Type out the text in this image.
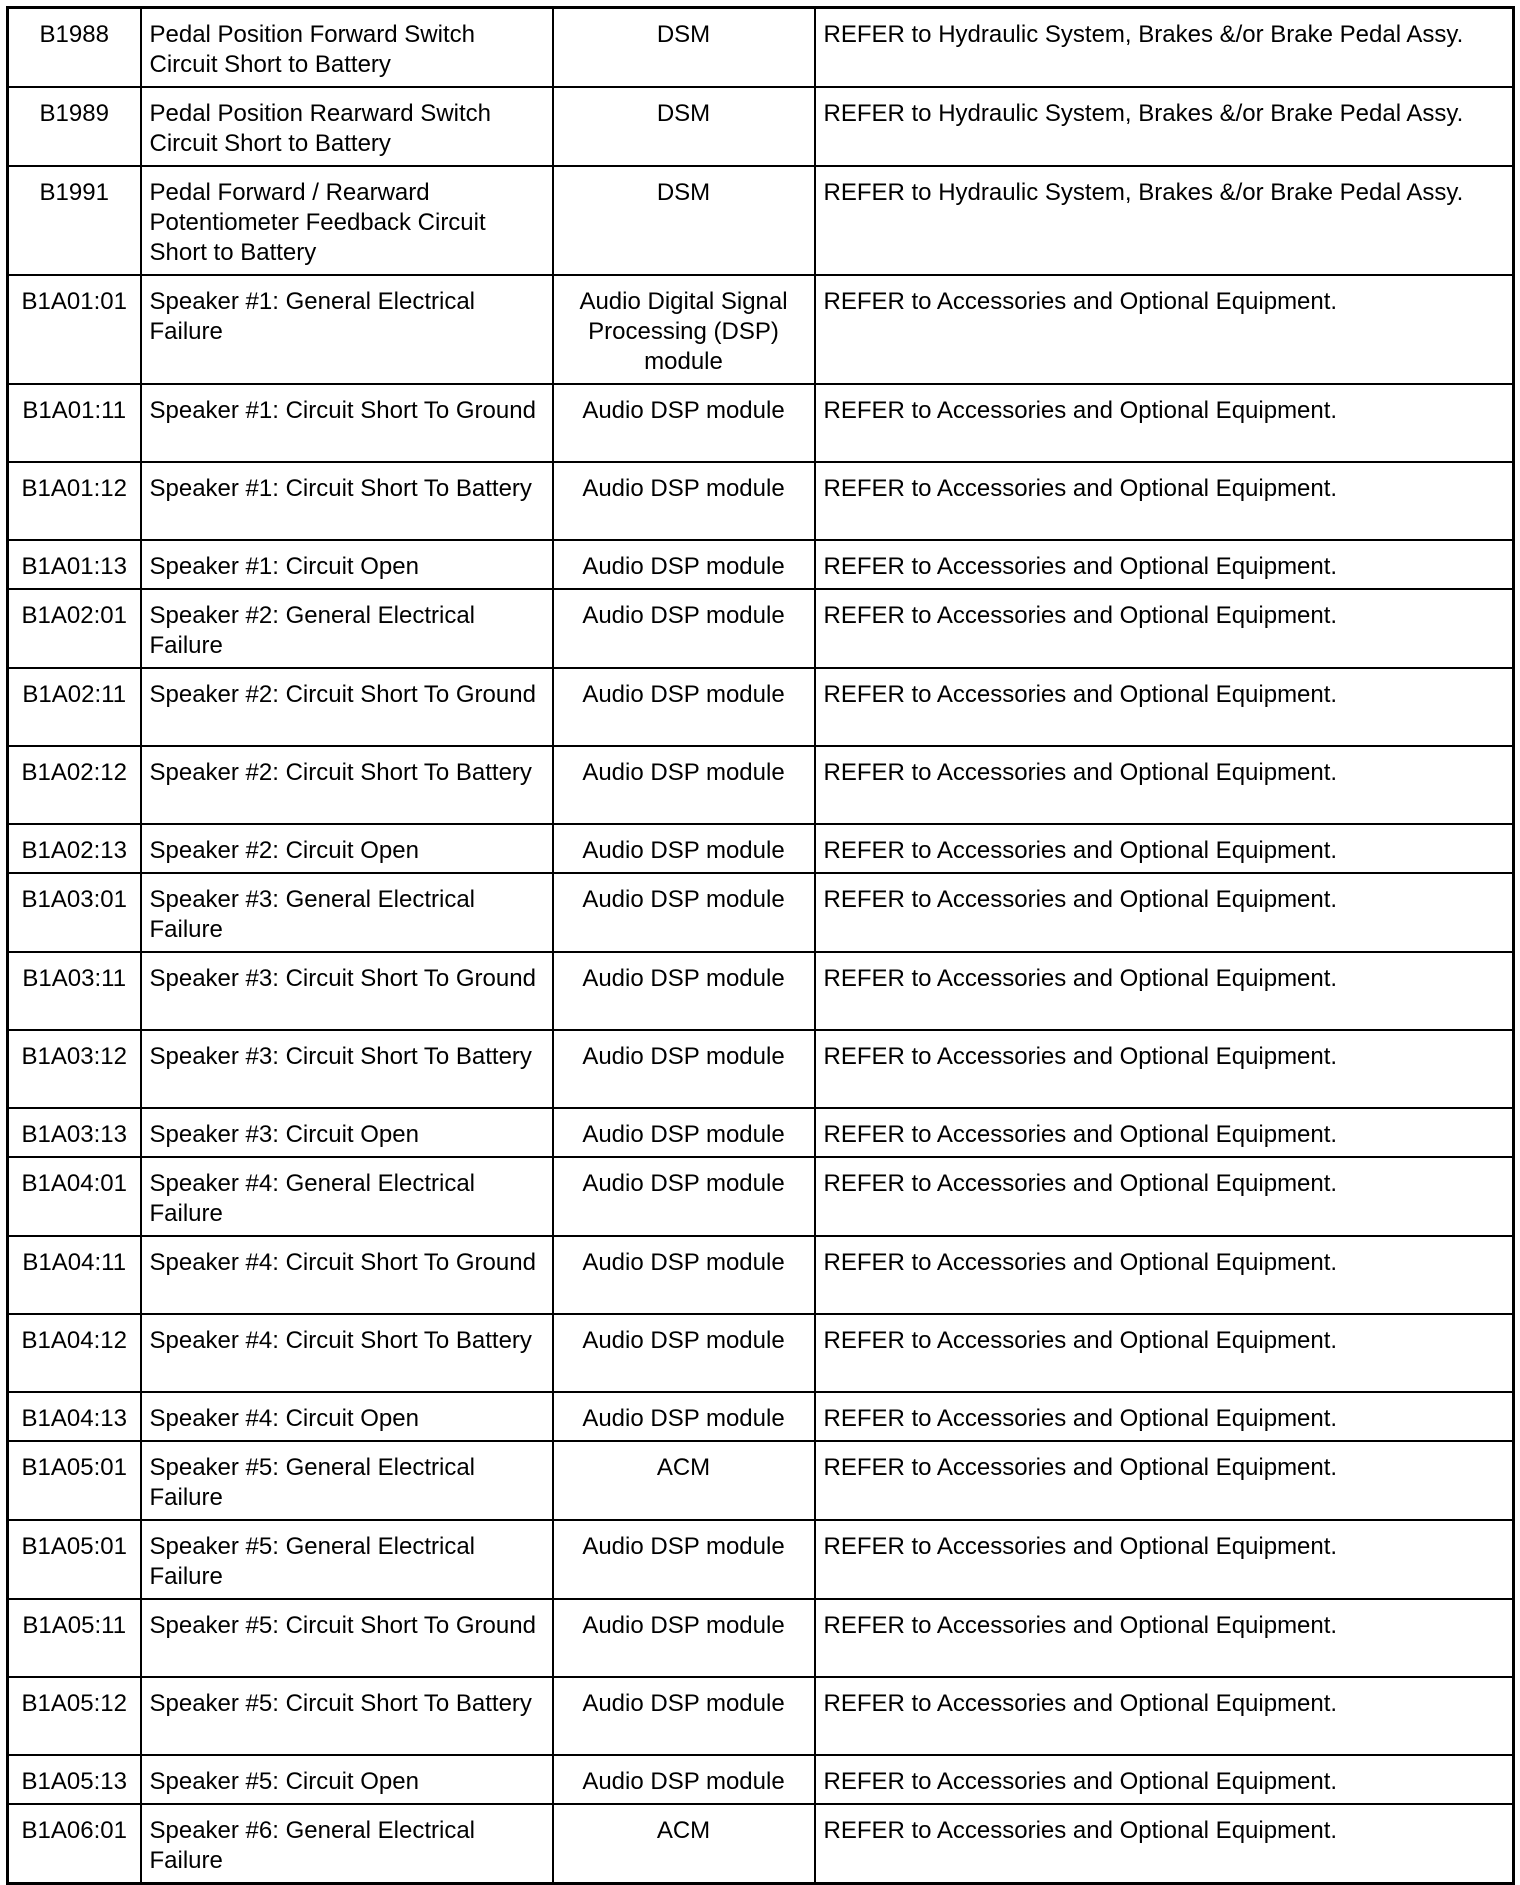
B1988	Pedal Position Forward Switch Circuit Short to Battery	DSM	REFER to Hydraulic System, Brakes &/or Brake Pedal Assy.
B1989	Pedal Position Rearward Switch Circuit Short to Battery	DSM	REFER to Hydraulic System, Brakes &/or Brake Pedal Assy.
B1991	Pedal Forward / Rearward Potentiometer Feedback Circuit Short to Battery	DSM	REFER to Hydraulic System, Brakes &/or Brake Pedal Assy.
B1A01:01	Speaker #1: General Electrical Failure	Audio Digital Signal Processing (DSP) module	REFER to Accessories and Optional Equipment.
B1A01:11	Speaker #1: Circuit Short To Ground	Audio DSP module	REFER to Accessories and Optional Equipment.
B1A01:12	Speaker #1: Circuit Short To Battery	Audio DSP module	REFER to Accessories and Optional Equipment.
B1A01:13	Speaker #1: Circuit Open	Audio DSP module	REFER to Accessories and Optional Equipment.
B1A02:01	Speaker #2: General Electrical Failure	Audio DSP module	REFER to Accessories and Optional Equipment.
B1A02:11	Speaker #2: Circuit Short To Ground	Audio DSP module	REFER to Accessories and Optional Equipment.
B1A02:12	Speaker #2: Circuit Short To Battery	Audio DSP module	REFER to Accessories and Optional Equipment.
B1A02:13	Speaker #2: Circuit Open	Audio DSP module	REFER to Accessories and Optional Equipment.
B1A03:01	Speaker #3: General Electrical Failure	Audio DSP module	REFER to Accessories and Optional Equipment.
B1A03:11	Speaker #3: Circuit Short To Ground	Audio DSP module	REFER to Accessories and Optional Equipment.
B1A03:12	Speaker #3: Circuit Short To Battery	Audio DSP module	REFER to Accessories and Optional Equipment.
B1A03:13	Speaker #3: Circuit Open	Audio DSP module	REFER to Accessories and Optional Equipment.
B1A04:01	Speaker #4: General Electrical Failure	Audio DSP module	REFER to Accessories and Optional Equipment.
B1A04:11	Speaker #4: Circuit Short To Ground	Audio DSP module	REFER to Accessories and Optional Equipment.
B1A04:12	Speaker #4: Circuit Short To Battery	Audio DSP module	REFER to Accessories and Optional Equipment.
B1A04:13	Speaker #4: Circuit Open	Audio DSP module	REFER to Accessories and Optional Equipment.
B1A05:01	Speaker #5: General Electrical Failure	ACM	REFER to Accessories and Optional Equipment.
B1A05:01	Speaker #5: General Electrical Failure	Audio DSP module	REFER to Accessories and Optional Equipment.
B1A05:11	Speaker #5: Circuit Short To Ground	Audio DSP module	REFER to Accessories and Optional Equipment.
B1A05:12	Speaker #5: Circuit Short To Battery	Audio DSP module	REFER to Accessories and Optional Equipment.
B1A05:13	Speaker #5: Circuit Open	Audio DSP module	REFER to Accessories and Optional Equipment.
B1A06:01	Speaker #6: General Electrical Failure	ACM	REFER to Accessories and Optional Equipment.
